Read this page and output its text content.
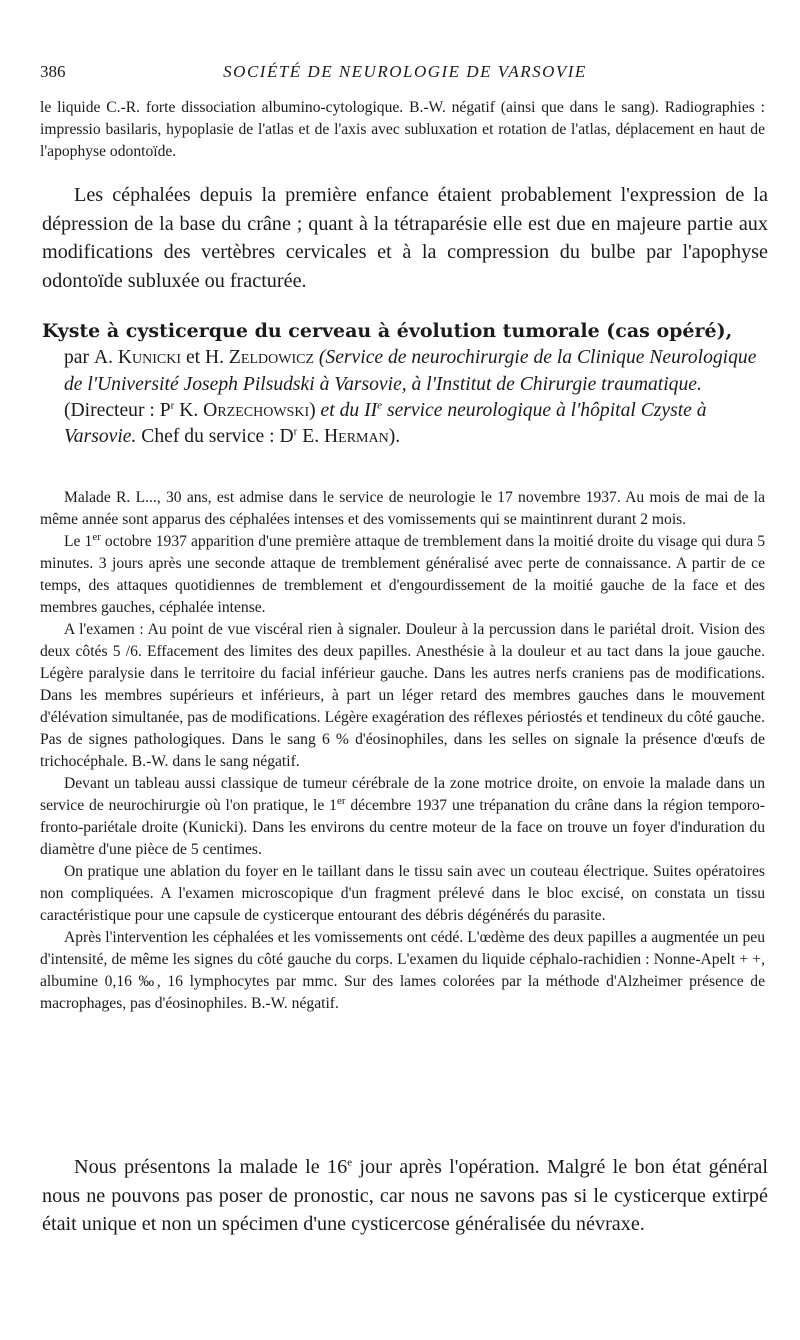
386	SOCIÉTÉ DE NEUROLOGIE DE VARSOVIE

le liquide C.-R. forte dissociation albumino-cytologique. B.-W. négatif (ainsi que dans le sang). Radiographies : impressio basilaris, hypoplasie de l'atlas et de l'axis avec subluxation et rotation de l'atlas, déplacement en haut de l'apophyse odontoïde.

Les céphalées depuis la première enfance étaient probablement l'expression de la dépression de la base du crâne ; quant à la tétraparésie elle est due en majeure partie aux modifications des vertèbres cervicales et à la compression du bulbe par l'apophyse odontoïde subluxée ou fracturée.

Kyste à cysticerque du cerveau à évolution tumorale (cas opéré),
par A. Kunicki et H. Zeldowicz (Service de neurochirurgie de la Clinique Neurologique de l'Université Joseph Pilsudski à Varsovie, à l'Institut de Chirurgie traumatique. (Directeur : $P^r$ K. Orzechowski) et du IIe service neurologique à l'hôpital Czyste à Varsovie. Chef du service : $D^r$ E. Herman).

Malade R. L..., 30 ans, est admise dans le service de neurologie le 17 novembre 1937. Au mois de mai de la même année sont apparus des céphalées intenses et des vomissements qui se maintinrent durant 2 mois.

Le 1er octobre 1937 apparition d'une première attaque de tremblement dans la moitié droite du visage qui dura 5 minutes. 3 jours après une seconde attaque de tremblement généralisé avec perte de connaissance. A partir de ce temps, des attaques quotidiennes de tremblement et d'engourdissement de la moitié gauche de la face et des membres gauches, céphalée intense.

A l'examen : Au point de vue viscéral rien à signaler. Douleur à la percussion dans le pariétal droit. Vision des deux côtés 5 /6. Effacement des limites des deux papilles. Anesthésie à la douleur et au tact dans la joue gauche. Légère paralysie dans le territoire du facial inférieur gauche. Dans les autres nerfs craniens pas de modifications. Dans les membres supérieurs et inférieurs, à part un léger retard des membres gauches dans le mouvement d'élévation simultanée, pas de modifications. Légère exagération des réflexes périostés et tendineux du côté gauche. Pas de signes pathologiques. Dans le sang 6 % d'éosinophiles, dans les selles on signale la présence d'œufs de trichocéphale. B.-W. dans le sang négatif.

Devant un tableau aussi classique de tumeur cérébrale de la zone motrice droite, on envoie la malade dans un service de neurochirurgie où l'on pratique, le 1er décembre 1937 une trépanation du crâne dans la région temporo-fronto-pariétale droite (Kunicki). Dans les environs du centre moteur de la face on trouve un foyer d'induration du diamètre d'une pièce de 5 centimes.

On pratique une ablation du foyer en le taillant dans le tissu sain avec un couteau électrique. Suites opératoires non compliquées. A l'examen microscopique d'un fragment prélevé dans le bloc excisé, on constata un tissu caractéristique pour une capsule de cysticerque entourant des débris dégénérés du parasite.

Après l'intervention les céphalées et les vomissements ont cédé. L'œdème des deux papilles a augmentée un peu d'intensité, de même les signes du côté gauche du corps. L'examen du liquide céphalo-rachidien : Nonne-Apelt + +, albumine 0,16 ‰, 16 lymphocytes par mmc. Sur des lames colorées par la méthode d'Alzheimer présence de macrophages, pas d'éosinophiles. B.-W. négatif.

Nous présentons la malade le 16e jour après l'opération. Malgré le bon état général nous ne pouvons pas poser de pronostic, car nous ne savons pas si le cysticerque extirpé était unique et non un spécimen d'une cysticercose généralisée du névraxe.
